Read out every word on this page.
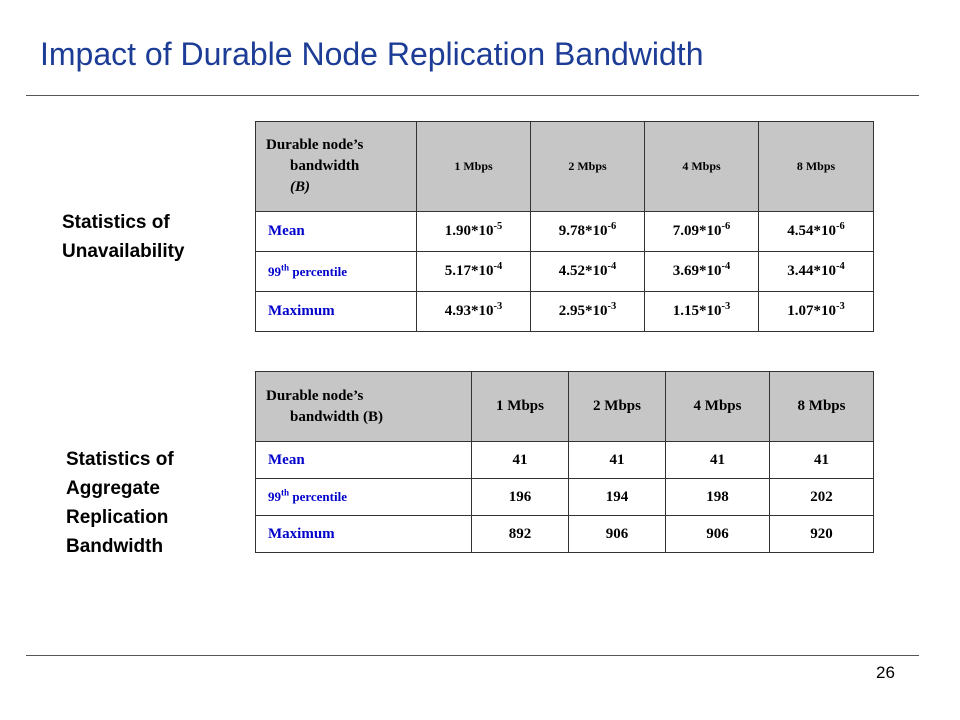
Impact of Durable Node Replication Bandwidth
Statistics of
Unavailability
Durable node’s
bandwidth
(B)	1 Mbps	2 Mbps	4 Mbps	8 Mbps
Mean	$1.90*10^{-5}$	$9.78*10^{-6}$	$7.09*10^{-6}$	$4.54*10^{-6}$
99th percentile	$5.17*10^{-4}$	$4.52*10^{-4}$	$3.69*10^{-4}$	$3.44*10^{-4}$
Maximum	$4.93*10^{-3}$	$2.95*10^{-3}$	$1.15*10^{-3}$	$1.07*10^{-3}$
Statistics of
Aggregate
Replication
Bandwidth
Durable node’s
bandwidth (B)	1 Mbps	2 Mbps	4 Mbps	8 Mbps
Mean	41	41	41	41
99th percentile	196	194	198	202
Maximum	892	906	906	920
26
